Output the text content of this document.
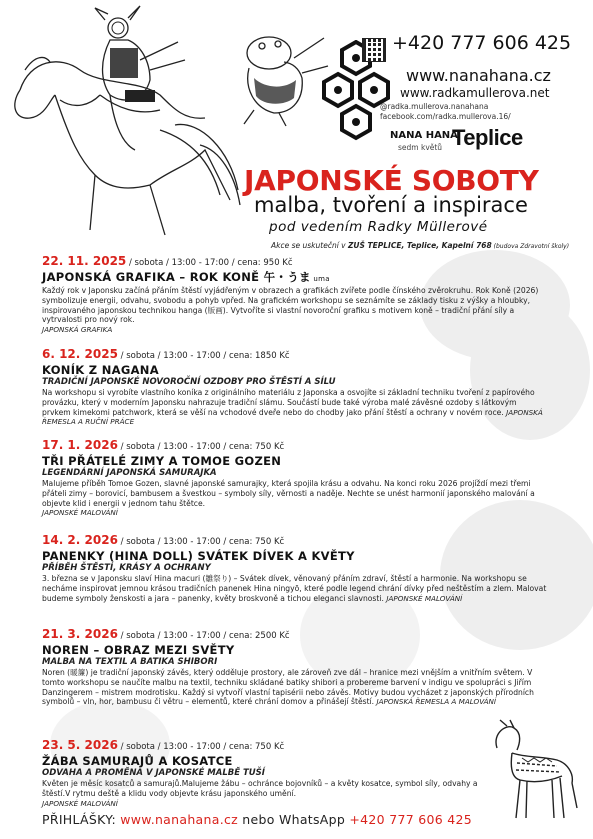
+420 777 606 425
www.nanahana.cz
www.radkamullerova.net
@radka.mullerova.nanahana
facebook.com/radka.mullerova.16/
NANA HANA
sedm květů Teplice
JAPONSKÉ SOBOTY
malba, tvoření a inspirace
pod vedením Radky Müllerové
Akce se uskuteční v ZUŠ TEPLICE, Teplice, Kapelní 768 (budova Zdravotní školy)
22. 11. 2025 / sobota / 13:00 - 17:00 / cena: 950 Kč
JAPONSKÁ GRAFIKA – ROK KONĚ 午・うま uma
Každý rok v Japonsku začíná přáním štěstí vyjádřeným v obrazech a grafikách zvířete podle čínského zvěrokruhu. Rok Koně (2026) symbolizuje energii, odvahu, svobodu a pohyb vpřed. Na grafickém workshopu se seznámíte se základy tisku z výšky a hloubky, inspirovaného japonskou technikou hanga (版画). Vytvoříte si vlastní novoroční grafiku s motivem koně – tradiční přání síly a vytrvalosti pro nový rok.
JAPONSKÁ GRAFIKA
6. 12. 2025 / sobota / 13:00 - 17:00 / cena: 1850 Kč
KONÍK Z NAGANA
TRADIČNÍ JAPONSKÉ NOVOROČNÍ OZDOBY PRO ŠTĚSTÍ A SÍLU
Na workshopu si vyrobíte vlastního koníka z originálního materiálu z Japonska a osvojíte si základní techniku tvoření z papírového provázku, který v moderním Japonsku nahrazuje tradiční slámu. Součástí bude také výroba malé závěsné ozdoby s látkovým prvkem kimekomi patchwork, která se věší na vchodové dveře nebo do chodby jako přání štěstí a ochrany v novém roce. JAPONSKÁ ŘEMESLA A RUČNÍ PRÁCE
17. 1. 2026 / sobota / 13:00 - 17:00 / cena: 750 Kč
TŘI PŘÁTELÉ ZIMY A TOMOE GOZEN
LEGENDÁRNÍ JAPONSKÁ SAMURAJKA
Malujeme příběh Tomoe Gozen, slavné japonské samurajky, která spojila krásu a odvahu. Na konci roku 2026 projíždí mezi třemi přáteli zimy – borovicí, bambusem a švestkou – symboly síly, věrnosti a naděje. Nechte se unést harmonií japonského malování a objevte klid i energii v jednom tahu štětce.
JAPONSKÉ MALOVÁNÍ
14. 2. 2026 / sobota / 13:00 - 17:00 / cena: 750 Kč
PANENKY (HINA DOLL) SVÁTEK DÍVEK A KVĚTY
PŘÍBĚH ŠTĚSTÍ, KRÁSY A OCHRANY
3. březnа se v Japonsku slaví Hina macuri (雛祭り) – Svátek dívek, věnovaný přáním zdraví, štěstí a harmonie. Na workshopu se necháme inspirovat jemnou krásou tradičních panenek Hina ningyō, které podle legend chrání dívky před neštěstím a zlem. Malovat budeme symboly ženskosti a jara – panenky, květy broskvoně a tichou eleganci slavnosti. JAPONSKÉ MALOVÁNÍ
21. 3. 2026 / sobota / 13:00 - 17:00 / cena: 2500 Kč
NOREN – OBRAZ MEZI SVĚTY
MALBA NA TEXTIL A BATIKA SHIBORI
Noren (暖簾) je tradiční japonský závěs, který odděluje prostory, ale zároveň zve dál – hranice mezi vnějším a vnitřním světem. V tomto workshopu se naučíte malbu na textil, techniku skládané batiky shibori a probereme barvení v indigu ve spolupráci s Jiřím Danzingerem – mistrem modrotisku. Každý si vytvoří vlastní tapisérii nebo závěs. Motivy budou vycházet z japonských přírodních symbolů – vln, hor, bambusu či větru – elementů, které chrání domov a přinášejí štěstí. JAPONSKÁ ŘEMESLA A MALOVÁNÍ
23. 5. 2026 / sobota / 13:00 - 17:00 / cena: 750 Kč
ŽÁBA SAMURAJŮ A KOSATCE
ODVAHA A PROMĚNA V JAPONSKÉ MALBĚ TUŠÍ
Květen je měsíc kosatců a samurajů.Malujeme žábu – ochránce bojovníků – a květy kosatce, symbol síly, odvahy a štěstí.V rytmu deště a klidu vody objevte krásu japonského umění.
JAPONSKÉ MALOVÁNÍ
PŘIHLÁŠKY: www.nanahana.cz nebo WhatsApp +420 777 606 425
